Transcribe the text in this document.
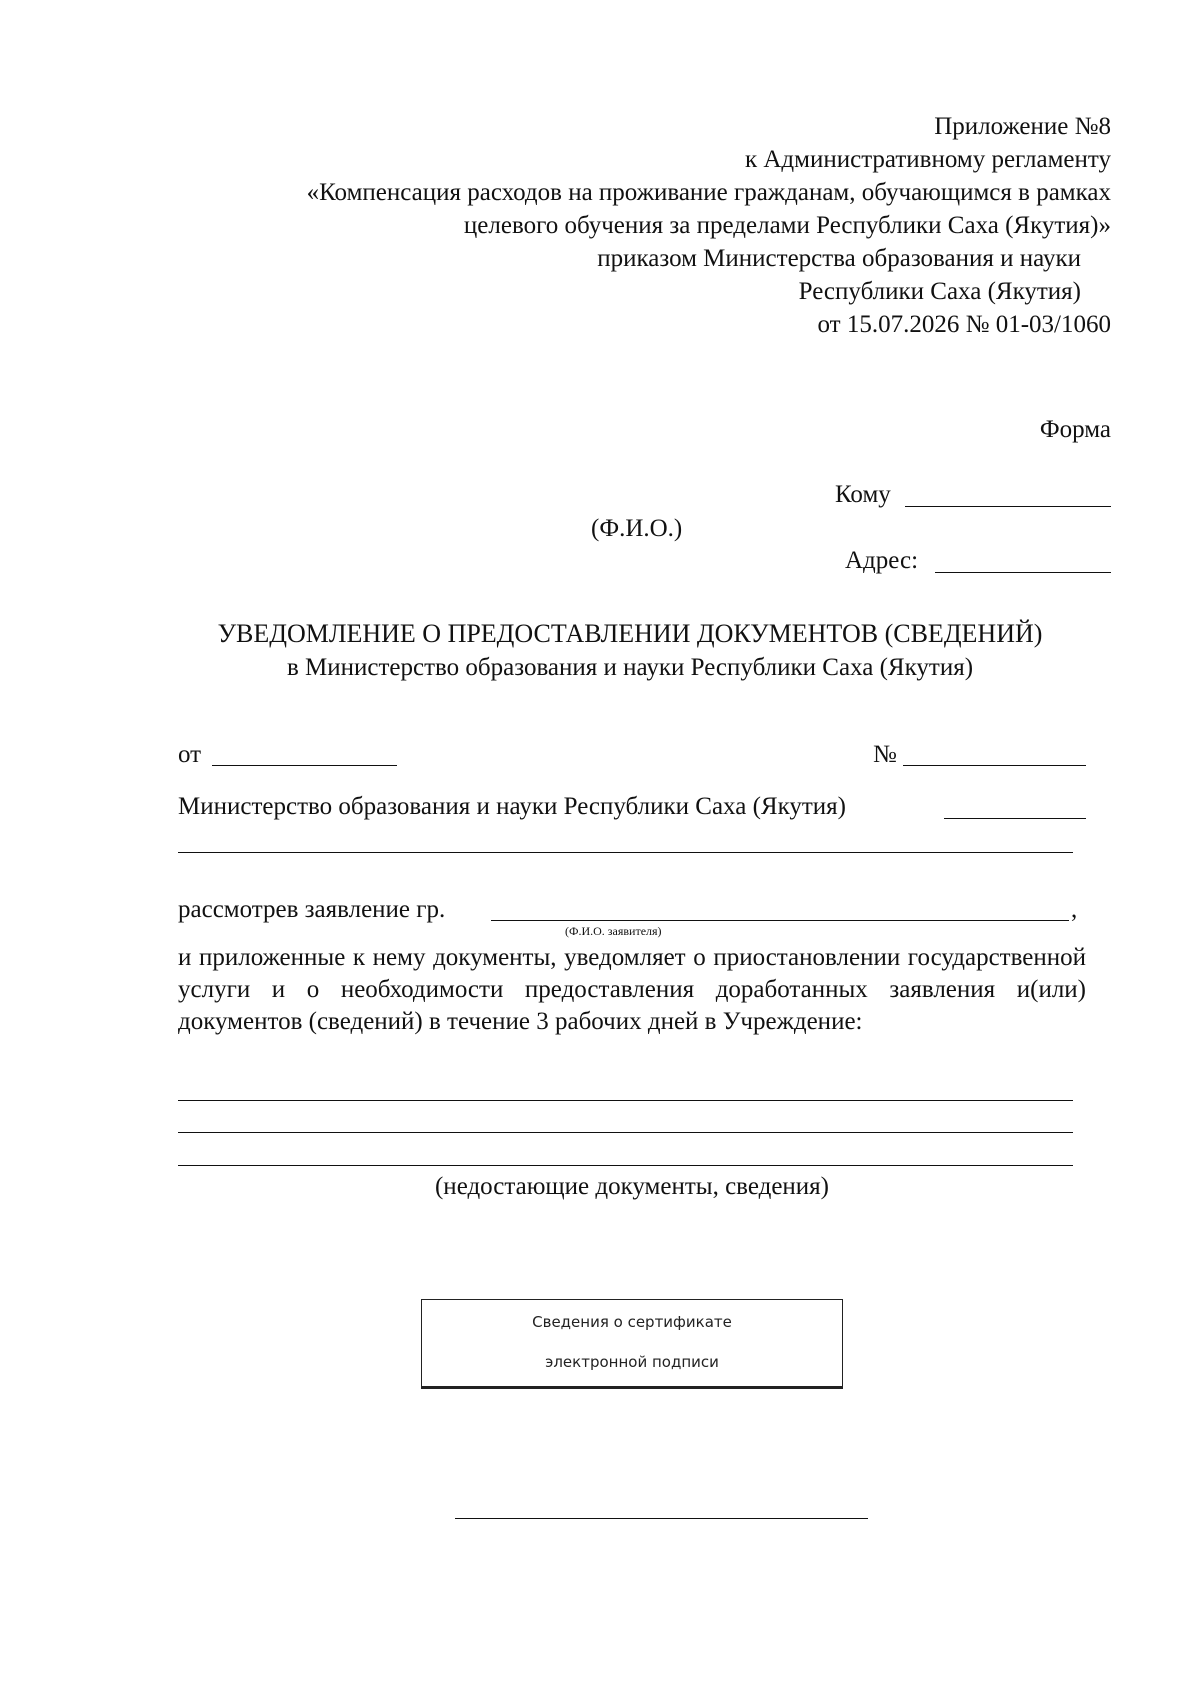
Приложение №8
к Административному регламенту
«Компенсация расходов на проживание гражданам, обучающимся в рамках
целевого обучения за пределами Республики Саха (Якутия)»
приказом Министерства образования и науки
Республики Саха (Якутия)
от 15.07.2026 № 01-03/1060
Форма
Кому
(Ф.И.О.)
Адрес:
УВЕДОМЛЕНИЕ О ПРЕДОСТАВЛЕНИИ ДОКУМЕНТОВ (СВЕДЕНИЙ)
в Министерство образования и науки Республики Саха (Якутия)
от	№
Министерство образования и науки Республики Саха (Якутия)
рассмотрев заявление гр.	,
(Ф.И.О. заявителя)
и приложенные к нему документы, уведомляет о приостановлении государственной услуги и о необходимости предоставления доработанных заявления и(или) документов (сведений) в течение 3 рабочих дней в Учреждение:
(недостающие документы, сведения)
Сведения о сертификате
электронной подписи
